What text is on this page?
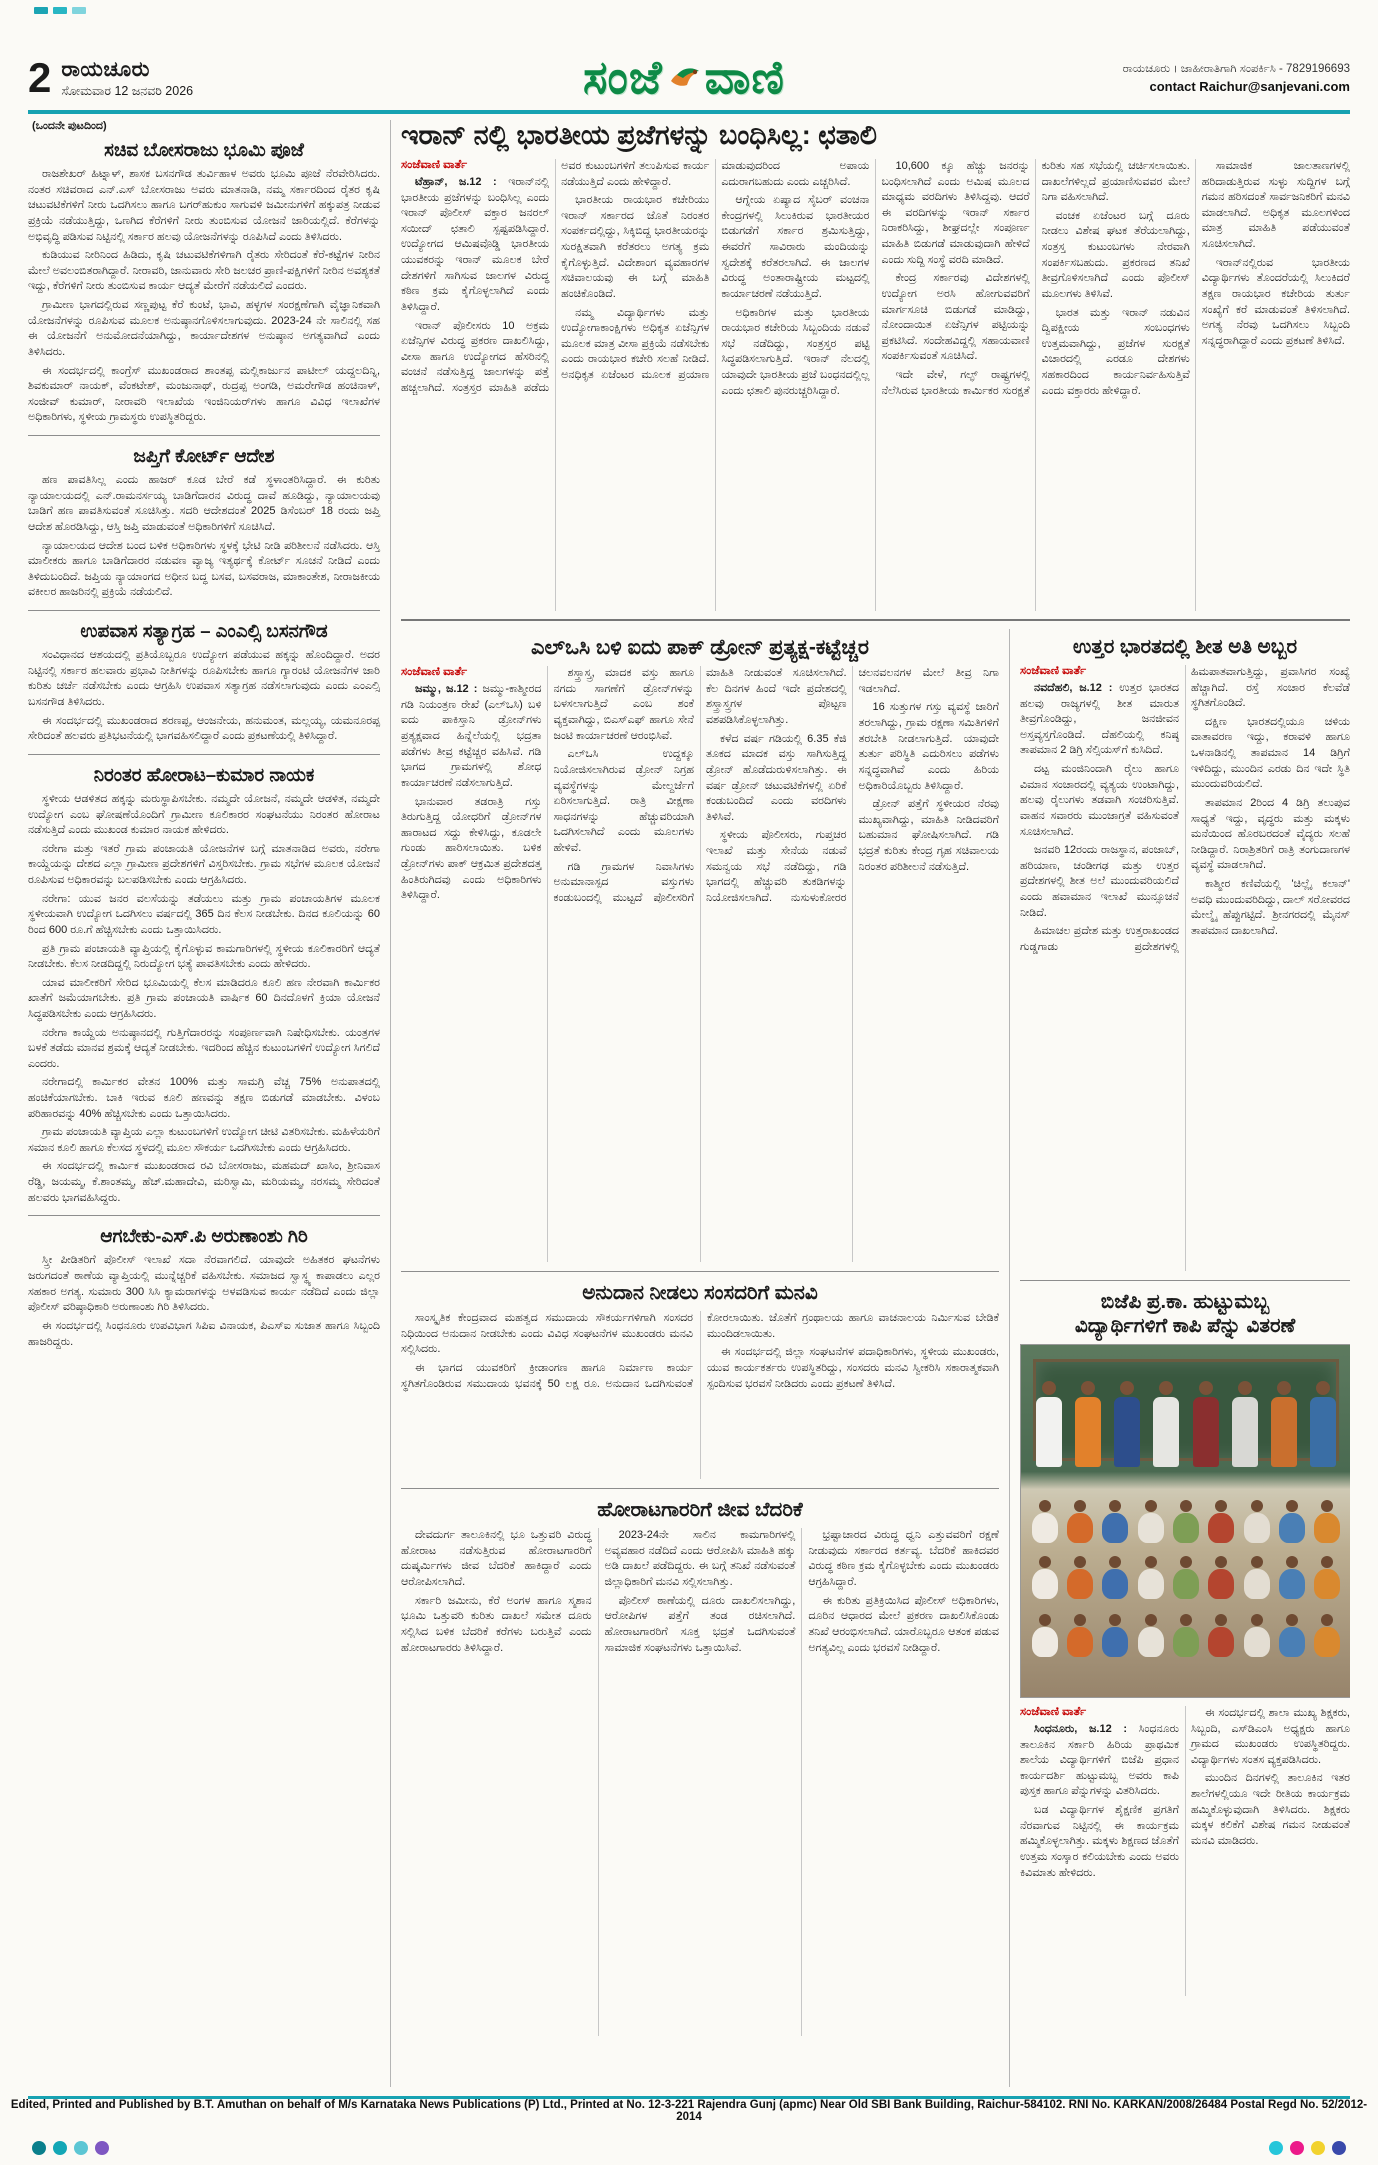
2 ರಾಯಚೂರು
ಸೋಮವಾರ 12 ಜನವರಿ 2026	ಸಂಜೆ ವಾಣಿ	ರಾಯಚೂರು । ಜಾಹೀರಾತಿಗಾಗಿ ಸಂಪರ್ಕಿಸಿ - 7829196693
contact Raichur@sanjevani.com

(ಒಂದನೇ ಪುಟದಿಂದ)

ಸಚಿವ ಬೋಸರಾಜು ಭೂಮಿ ಪೂಜೆ

ರಾಜಶೇಖರ್ ಹಿಟ್ನಾಳ್, ಶಾಸಕ ಬಸನಗೌಡ ತುರ್ವಿಹಾಳ ಅವರು ಭೂಮಿ ಪೂಜೆ ನೆರವೇರಿಸಿದರು. ನಂತರ ಸಚಿವರಾದ ಎನ್.ಎಸ್ ಬೋಸರಾಜು ಅವರು ಮಾತನಾಡಿ, ನಮ್ಮ ಸರ್ಕಾರದಿಂದ ರೈತರ ಕೃಷಿ ಚಟುವಟಿಕೆಗಳಿಗೆ ನೀರು ಒದಗಿಸಲು ಹಾಗೂ ಬಗರ್‌ಹುಕುಂ ಸಾಗುವಳಿ ಜಮೀನುಗಳಿಗೆ ಹಕ್ಕುಪತ್ರ ನೀಡುವ ಪ್ರಕ್ರಿಯೆ ನಡೆಯುತ್ತಿದ್ದು, ಒಣಗಿದ ಕೆರೆಗಳಿಗೆ ನೀರು ತುಂಬಿಸುವ ಯೋಜನೆ ಜಾರಿಯಲ್ಲಿದೆ. ಕೆರೆಗಳನ್ನು ಅಭಿವೃದ್ಧಿ ಪಡಿಸುವ ನಿಟ್ಟಿನಲ್ಲಿ ಸರ್ಕಾರ ಹಲವು ಯೋಜನೆಗಳನ್ನು ರೂಪಿಸಿದೆ ಎಂದು ತಿಳಿಸಿದರು.

ಕುಡಿಯುವ ನೀರಿನಿಂದ ಹಿಡಿದು, ಕೃಷಿ ಚಟುವಟಿಕೆಗಳಿಗಾಗಿ ರೈತರು ಸೇರಿದಂತೆ ಕೆರೆ-ಕಟ್ಟೆಗಳ ನೀರಿನ ಮೇಲೆ ಅವಲಂಬಿತರಾಗಿದ್ದಾರೆ. ನೀರಾವರಿ, ಜಾನುವಾರು ಸೇರಿ ಜಲಚರ ಪ್ರಾಣಿ-ಪಕ್ಷಿಗಳಿಗೆ ನೀರಿನ ಅವಶ್ಯಕತೆ ಇದ್ದು, ಕೆರೆಗಳಿಗೆ ನೀರು ತುಂಬಿಸುವ ಕಾರ್ಯ ಆದ್ಯತೆ ಮೇರೆಗೆ ನಡೆಯಲಿದೆ ಎಂದರು.

ಗ್ರಾಮೀಣ ಭಾಗದಲ್ಲಿರುವ ಸಣ್ಣಪುಟ್ಟ ಕೆರೆ ಕುಂಟೆ, ಭಾವಿ, ಹಳ್ಳಗಳ ಸಂರಕ್ಷಣೆಗಾಗಿ ವೈಜ್ಞಾನಿಕವಾಗಿ ಯೋಜನೆಗಳನ್ನು ರೂಪಿಸುವ ಮೂಲಕ ಅನುಷ್ಠಾನಗೊಳಿಸಲಾಗುವುದು. 2023-24 ನೇ ಸಾಲಿನಲ್ಲಿ ಸಹ ಈ ಯೋಜನೆಗೆ ಅನುಮೋದನೆಯಾಗಿದ್ದು, ಕಾರ್ಯಾದೇಶಗಳ ಅನುಷ್ಠಾನ ಅಗತ್ಯವಾಗಿದೆ ಎಂದು ತಿಳಿಸಿದರು.

ಈ ಸಂದರ್ಭದಲ್ಲಿ ಕಾಂಗ್ರೆಸ್ ಮುಖಂಡರಾದ ಶಾಂತಪ್ಪ ಮಲ್ಲಿಕಾರ್ಜುನ ಪಾಟೀಲ್ ಯದ್ದಲದಿನ್ನಿ, ಶಿವಕುಮಾರ್ ನಾಯಕ್, ವೆಂಕಟೇಶ್, ಮಂಜುನಾಥ್, ರುದ್ರಪ್ಪ ಅಂಗಡಿ, ಅಮರೇಗೌಡ ಹಂಚಿನಾಳ್, ಸಂಜೀವ್ ಕುಮಾರ್, ನೀರಾವರಿ ಇಲಾಖೆಯ ಇಂಜಿನಿಯರ್‌ಗಳು ಹಾಗೂ ವಿವಿಧ ಇಲಾಖೆಗಳ ಅಧಿಕಾರಿಗಳು, ಸ್ಥಳೀಯ ಗ್ರಾಮಸ್ಥರು ಉಪಸ್ಥಿತರಿದ್ದರು.

ಜಪ್ತಿಗೆ ಕೋರ್ಟ್ ಆದೇಶ

ಹಣ ಪಾವತಿಸಿಲ್ಲ ಎಂದು ಹಾಜರ್ ಕೂಡ ಬೇರೆ ಕಡೆ ಸ್ಥಳಾಂತರಿಸಿದ್ದಾರೆ. ಈ ಕುರಿತು ನ್ಯಾಯಾಲಯದಲ್ಲಿ ಎನ್.ರಾಮನರ್ಸಯ್ಯ ಬಾಡಿಗೆದಾರನ ವಿರುದ್ಧ ದಾವೆ ಹೂಡಿದ್ದು, ನ್ಯಾಯಾಲಯವು ಬಾಡಿಗೆ ಹಣ ಪಾವತಿಸುವಂತೆ ಸೂಚಿಸಿತ್ತು. ಸದರಿ ಆದೇಶದಂತೆ 2025 ಡಿಸೆಂಬರ್ 18 ರಂದು ಜಪ್ತಿ ಆದೇಶ ಹೊರಡಿಸಿದ್ದು, ಆಸ್ತಿ ಜಪ್ತಿ ಮಾಡುವಂತೆ ಅಧಿಕಾರಿಗಳಿಗೆ ಸೂಚಿಸಿದೆ.

ನ್ಯಾಯಾಲಯದ ಆದೇಶ ಬಂದ ಬಳಿಕ ಅಧಿಕಾರಿಗಳು ಸ್ಥಳಕ್ಕೆ ಭೇಟಿ ನೀಡಿ ಪರಿಶೀಲನೆ ನಡೆಸಿದರು. ಆಸ್ತಿ ಮಾಲೀಕರು ಹಾಗೂ ಬಾಡಿಗೆದಾರರ ನಡುವಣ ವ್ಯಾಜ್ಯ ಇತ್ಯರ್ಥಕ್ಕೆ ಕೋರ್ಟ್ ಸೂಚನೆ ನೀಡಿದೆ ಎಂದು ತಿಳಿದುಬಂದಿದೆ. ಜಪ್ತಿಯ ನ್ಯಾಯಾಂಗದ ಅಧೀನ ಬದ್ಧ ಬಸವ, ಬಸವರಾಜ, ಮಾಕಾಂತೇಶ, ನೀರಾಜಕೀಯ ವಕೀಲರ ಹಾಜರಿನಲ್ಲಿ ಪ್ರಕ್ರಿಯೆ ನಡೆಯಲಿದೆ.

ಉಪವಾಸ ಸತ್ಯಾಗ್ರಹ – ಎಂಎಲ್ಸಿ ಬಸನಗೌಡ

ಸಂವಿಧಾನದ ಆಶಯದಲ್ಲಿ ಪ್ರತಿಯೊಬ್ಬರೂ ಉದ್ಯೋಗ ಪಡೆಯುವ ಹಕ್ಕನ್ನು ಹೊಂದಿದ್ದಾರೆ. ಅದರ ನಿಟ್ಟಿನಲ್ಲಿ ಸರ್ಕಾರ ಹಲವಾರು ಪ್ರಭಾವಿ ನೀತಿಗಳನ್ನು ರೂಪಿಸಬೇಕು ಹಾಗೂ ಗ್ಯಾರಂಟಿ ಯೋಜನೆಗಳ ಜಾರಿ ಕುರಿತು ಚರ್ಚೆ ನಡೆಸಬೇಕು ಎಂದು ಆಗ್ರಹಿಸಿ ಉಪವಾಸ ಸತ್ಯಾಗ್ರಹ ನಡೆಸಲಾಗುವುದು ಎಂದು ಎಂಎಲ್ಸಿ ಬಸನಗೌಡ ತಿಳಿಸಿದರು.

ಈ ಸಂದರ್ಭದಲ್ಲಿ ಮುಖಂಡರಾದ ಶರಣಪ್ಪ, ಆಂಜನೇಯ, ಹನುಮಂತ, ಮಲ್ಲಯ್ಯ, ಯಮನೂರಪ್ಪ ಸೇರಿದಂತೆ ಹಲವರು ಪ್ರತಿಭಟನೆಯಲ್ಲಿ ಭಾಗವಹಿಸಲಿದ್ದಾರೆ ಎಂದು ಪ್ರಕಟಣೆಯಲ್ಲಿ ತಿಳಿಸಿದ್ದಾರೆ.

ನಿರಂತರ ಹೋರಾಟ–ಕುಮಾರ ನಾಯಕ

ಸ್ಥಳೀಯ ಆಡಳಿತದ ಹಕ್ಕನ್ನು ಮರುಸ್ಥಾಪಿಸಬೇಕು. ನಮ್ಮದೇ ಯೋಜನೆ, ನಮ್ಮದೇ ಆಡಳಿತ, ನಮ್ಮದೇ ಉದ್ಯೋಗ ಎಂಬ ಘೋಷಣೆಯೊಂದಿಗೆ ಗ್ರಾಮೀಣ ಕೂಲಿಕಾರರ ಸಂಘಟನೆಯು ನಿರಂತರ ಹೋರಾಟ ನಡೆಸುತ್ತಿದೆ ಎಂದು ಮುಖಂಡ ಕುಮಾರ ನಾಯಕ ಹೇಳಿದರು.

ನರೇಗಾ ಮತ್ತು ಇತರೆ ಗ್ರಾಮ ಪಂಚಾಯತಿ ಯೋಜನೆಗಳ ಬಗ್ಗೆ ಮಾತನಾಡಿದ ಅವರು, ನರೇಗಾ ಕಾಯ್ದೆಯನ್ನು ದೇಶದ ಎಲ್ಲಾ ಗ್ರಾಮೀಣ ಪ್ರದೇಶಗಳಿಗೆ ವಿಸ್ತರಿಸಬೇಕು. ಗ್ರಾಮ ಸಭೆಗಳ ಮೂಲಕ ಯೋಜನೆ ರೂಪಿಸುವ ಅಧಿಕಾರವನ್ನು ಬಲಪಡಿಸಬೇಕು ಎಂದು ಆಗ್ರಹಿಸಿದರು.

ನರೇಗಾ: ಯುವ ಜನರ ವಲಸೆಯನ್ನು ತಡೆಯಲು ಮತ್ತು ಗ್ರಾಮ ಪಂಚಾಯತಿಗಳ ಮೂಲಕ ಸ್ಥಳೀಯವಾಗಿ ಉದ್ಯೋಗ ಒದಗಿಸಲು ವರ್ಷದಲ್ಲಿ 365 ದಿನ ಕೆಲಸ ನೀಡಬೇಕು. ದಿನದ ಕೂಲಿಯನ್ನು 60 ರಿಂದ 600 ರೂ.ಗೆ ಹೆಚ್ಚಿಸಬೇಕು ಎಂದು ಒತ್ತಾಯಿಸಿದರು.

ಪ್ರತಿ ಗ್ರಾಮ ಪಂಚಾಯತಿ ವ್ಯಾಪ್ತಿಯಲ್ಲಿ ಕೈಗೊಳ್ಳುವ ಕಾಮಗಾರಿಗಳಲ್ಲಿ ಸ್ಥಳೀಯ ಕೂಲಿಕಾರರಿಗೆ ಆದ್ಯತೆ ನೀಡಬೇಕು. ಕೆಲಸ ನೀಡದಿದ್ದಲ್ಲಿ ನಿರುದ್ಯೋಗ ಭತ್ಯೆ ಪಾವತಿಸಬೇಕು ಎಂದು ಹೇಳಿದರು.

ಯಾವ ಮಾಲೀಕರಿಗೆ ಸೇರಿದ ಭೂಮಿಯಲ್ಲಿ ಕೆಲಸ ಮಾಡಿದರೂ ಕೂಲಿ ಹಣ ನೇರವಾಗಿ ಕಾರ್ಮಿಕರ ಖಾತೆಗೆ ಜಮೆಯಾಗಬೇಕು. ಪ್ರತಿ ಗ್ರಾಮ ಪಂಚಾಯತಿ ವಾರ್ಷಿಕ 60 ದಿನದೊಳಗೆ ಕ್ರಿಯಾ ಯೋಜನೆ ಸಿದ್ಧಪಡಿಸಬೇಕು ಎಂದು ಆಗ್ರಹಿಸಿದರು.

ನರೇಗಾ ಕಾಯ್ದೆಯ ಅನುಷ್ಠಾನದಲ್ಲಿ ಗುತ್ತಿಗೆದಾರರನ್ನು ಸಂಪೂರ್ಣವಾಗಿ ನಿಷೇಧಿಸಬೇಕು. ಯಂತ್ರಗಳ ಬಳಕೆ ತಡೆದು ಮಾನವ ಶ್ರಮಕ್ಕೆ ಆದ್ಯತೆ ನೀಡಬೇಕು. ಇದರಿಂದ ಹೆಚ್ಚಿನ ಕುಟುಂಬಗಳಿಗೆ ಉದ್ಯೋಗ ಸಿಗಲಿದೆ ಎಂದರು.

ನರೇಗಾದಲ್ಲಿ ಕಾರ್ಮಿಕರ ವೇತನ 100% ಮತ್ತು ಸಾಮಗ್ರಿ ವೆಚ್ಚ 75% ಅನುಪಾತದಲ್ಲಿ ಹಂಚಿಕೆಯಾಗಬೇಕು. ಬಾಕಿ ಇರುವ ಕೂಲಿ ಹಣವನ್ನು ತಕ್ಷಣ ಬಿಡುಗಡೆ ಮಾಡಬೇಕು. ವಿಳಂಬ ಪರಿಹಾರವನ್ನು 40% ಹೆಚ್ಚಿಸಬೇಕು ಎಂದು ಒತ್ತಾಯಿಸಿದರು.

ಗ್ರಾಮ ಪಂಚಾಯತಿ ವ್ಯಾಪ್ತಿಯ ಎಲ್ಲಾ ಕುಟುಂಬಗಳಿಗೆ ಉದ್ಯೋಗ ಚೀಟಿ ವಿತರಿಸಬೇಕು. ಮಹಿಳೆಯರಿಗೆ ಸಮಾನ ಕೂಲಿ ಹಾಗೂ ಕೆಲಸದ ಸ್ಥಳದಲ್ಲಿ ಮೂಲ ಸೌಕರ್ಯ ಒದಗಿಸಬೇಕು ಎಂದು ಆಗ್ರಹಿಸಿದರು.

ಈ ಸಂದರ್ಭದಲ್ಲಿ ಕಾರ್ಮಿಕ ಮುಖಂಡರಾದ ರವಿ ಬೋಸರಾಜು, ಮಹಮದ್ ಖಾಸಿಂ, ಶ್ರೀನಿವಾಸ ರೆಡ್ಡಿ, ಜಯಮ್ಮ, ಕೆ.ಶಾಂತಮ್ಮ, ಹೆಚ್.ಮಹಾದೇವಿ, ಮರಿಸ್ವಾಮಿ, ಮರಿಯಮ್ಮ, ನರಸಮ್ಮ ಸೇರಿದಂತೆ ಹಲವರು ಭಾಗವಹಿಸಿದ್ದರು.

ಆಗಬೇಕು-ಎಸ್.ಪಿ ಅರುಣಾಂಶು ಗಿರಿ

ಸ್ತ್ರೀ ಪೀಡಿತರಿಗೆ ಪೊಲೀಸ್ ಇಲಾಖೆ ಸದಾ ನೆರವಾಗಲಿದೆ. ಯಾವುದೇ ಅಹಿತಕರ ಘಟನೆಗಳು ಜರುಗದಂತೆ ಠಾಣೆಯ ವ್ಯಾಪ್ತಿಯಲ್ಲಿ ಮುನ್ನೆಚ್ಚರಿಕೆ ವಹಿಸಬೇಕು. ಸಮಾಜದ ಸ್ವಾಸ್ಥ್ಯ ಕಾಪಾಡಲು ಎಲ್ಲರ ಸಹಕಾರ ಅಗತ್ಯ. ಸುಮಾರು 300 ಸಿಸಿ ಕ್ಯಾಮರಾಗಳನ್ನು ಅಳವಡಿಸುವ ಕಾರ್ಯ ನಡೆದಿದೆ ಎಂದು ಜಿಲ್ಲಾ ಪೊಲೀಸ್ ವರಿಷ್ಠಾಧಿಕಾರಿ ಅರುಣಾಂಶು ಗಿರಿ ತಿಳಿಸಿದರು.

ಈ ಸಂದರ್ಭದಲ್ಲಿ ಸಿಂಧನೂರು ಉಪವಿಭಾಗ ಸಿಪಿಐ ವಿನಾಯಕ, ಪಿಎಸ್ಐ ಸುಜಾತ ಹಾಗೂ ಸಿಬ್ಬಂದಿ ಹಾಜರಿದ್ದರು.

ಇರಾನ್ ನಲ್ಲಿ ಭಾರತೀಯ ಪ್ರಜೆಗಳನ್ನು ಬಂಧಿಸಿಲ್ಲ: ಛತಾಲಿ

ಸಂಜೆವಾಣಿ ವಾರ್ತೆ

ಟೆಹ್ರಾನ್, ಜ.12 : ಇರಾನ್‌ನಲ್ಲಿ ಭಾರತೀಯ ಪ್ರಜೆಗಳನ್ನು ಬಂಧಿಸಿಲ್ಲ ಎಂದು ಇರಾನ್ ಪೊಲೀಸ್ ವಕ್ತಾರ ಜನರಲ್ ಸಯೀದ್ ಛತಾಲಿ ಸ್ಪಷ್ಟಪಡಿಸಿದ್ದಾರೆ. ಉದ್ಯೋಗದ ಆಮಿಷವೊಡ್ಡಿ ಭಾರತೀಯ ಯುವಕರನ್ನು ಇರಾನ್ ಮೂಲಕ ಬೇರೆ ದೇಶಗಳಿಗೆ ಸಾಗಿಸುವ ಜಾಲಗಳ ವಿರುದ್ಧ ಕಠಿಣ ಕ್ರಮ ಕೈಗೊಳ್ಳಲಾಗಿದೆ ಎಂದು ತಿಳಿಸಿದ್ದಾರೆ.

ಇರಾನ್ ಪೊಲೀಸರು 10 ಅಕ್ರಮ ಏಜೆನ್ಸಿಗಳ ವಿರುದ್ಧ ಪ್ರಕರಣ ದಾಖಲಿಸಿದ್ದು, ವೀಸಾ ಹಾಗೂ ಉದ್ಯೋಗದ ಹೆಸರಿನಲ್ಲಿ ವಂಚನೆ ನಡೆಸುತ್ತಿದ್ದ ಜಾಲಗಳನ್ನು ಪತ್ತೆ ಹಚ್ಚಲಾಗಿದೆ. ಸಂತ್ರಸ್ತರ ಮಾಹಿತಿ ಪಡೆದು ಅವರ ಕುಟುಂಬಗಳಿಗೆ ತಲುಪಿಸುವ ಕಾರ್ಯ ನಡೆಯುತ್ತಿದೆ ಎಂದು ಹೇಳಿದ್ದಾರೆ.

ಭಾರತೀಯ ರಾಯಭಾರ ಕಚೇರಿಯು ಇರಾನ್ ಸರ್ಕಾರದ ಜೊತೆ ನಿರಂತರ ಸಂಪರ್ಕದಲ್ಲಿದ್ದು, ಸಿಕ್ಕಿಬಿದ್ದ ಭಾರತೀಯರನ್ನು ಸುರಕ್ಷಿತವಾಗಿ ಕರೆತರಲು ಅಗತ್ಯ ಕ್ರಮ ಕೈಗೊಳ್ಳುತ್ತಿದೆ. ವಿದೇಶಾಂಗ ವ್ಯವಹಾರಗಳ ಸಚಿವಾಲಯವು ಈ ಬಗ್ಗೆ ಮಾಹಿತಿ ಹಂಚಿಕೊಂಡಿದೆ.

ನಮ್ಮ ವಿದ್ಯಾರ್ಥಿಗಳು ಮತ್ತು ಉದ್ಯೋಗಾಕಾಂಕ್ಷಿಗಳು ಅಧಿಕೃತ ಏಜೆನ್ಸಿಗಳ ಮೂಲಕ ಮಾತ್ರ ವೀಸಾ ಪ್ರಕ್ರಿಯೆ ನಡೆಸಬೇಕು ಎಂದು ರಾಯಭಾರ ಕಚೇರಿ ಸಲಹೆ ನೀಡಿದೆ. ಅನಧಿಕೃತ ಏಜೆಂಟರ ಮೂಲಕ ಪ್ರಯಾಣ ಮಾಡುವುದರಿಂದ ಅಪಾಯ ಎದುರಾಗಬಹುದು ಎಂದು ಎಚ್ಚರಿಸಿದೆ.

ಆಗ್ನೇಯ ಏಷ್ಯಾದ ಸೈಬರ್ ವಂಚನಾ ಕೇಂದ್ರಗಳಲ್ಲಿ ಸಿಲುಕಿರುವ ಭಾರತೀಯರ ಬಿಡುಗಡೆಗೆ ಸರ್ಕಾರ ಶ್ರಮಿಸುತ್ತಿದ್ದು, ಈವರೆಗೆ ಸಾವಿರಾರು ಮಂದಿಯನ್ನು ಸ್ವದೇಶಕ್ಕೆ ಕರೆತರಲಾಗಿದೆ. ಈ ಜಾಲಗಳ ವಿರುದ್ಧ ಅಂತಾರಾಷ್ಟ್ರೀಯ ಮಟ್ಟದಲ್ಲಿ ಕಾರ್ಯಾಚರಣೆ ನಡೆಯುತ್ತಿದೆ.

ಅಧಿಕಾರಿಗಳ ಮತ್ತು ಭಾರತೀಯ ರಾಯಭಾರ ಕಚೇರಿಯ ಸಿಬ್ಬಂದಿಯ ನಡುವೆ ಸಭೆ ನಡೆದಿದ್ದು, ಸಂತ್ರಸ್ತರ ಪಟ್ಟಿ ಸಿದ್ಧಪಡಿಸಲಾಗುತ್ತಿದೆ. ಇರಾನ್ ನೆಲದಲ್ಲಿ ಯಾವುದೇ ಭಾರತೀಯ ಪ್ರಜೆ ಬಂಧನದಲ್ಲಿಲ್ಲ ಎಂದು ಛತಾಲಿ ಪುನರುಚ್ಚರಿಸಿದ್ದಾರೆ.

10,600 ಕ್ಕೂ ಹೆಚ್ಚು ಜನರನ್ನು ಬಂಧಿಸಲಾಗಿದೆ ಎಂದು ಅಮಿಷ ಮೂಲದ ಮಾಧ್ಯಮ ವರದಿಗಳು ತಿಳಿಸಿದ್ದವು. ಆದರೆ ಈ ವರದಿಗಳನ್ನು ಇರಾನ್ ಸರ್ಕಾರ ನಿರಾಕರಿಸಿದ್ದು, ಶೀಘ್ರದಲ್ಲೇ ಸಂಪೂರ್ಣ ಮಾಹಿತಿ ಬಿಡುಗಡೆ ಮಾಡುವುದಾಗಿ ಹೇಳಿದೆ ಎಂದು ಸುದ್ದಿ ಸಂಸ್ಥೆ ವರದಿ ಮಾಡಿದೆ.

ಕೇಂದ್ರ ಸರ್ಕಾರವು ವಿದೇಶಗಳಲ್ಲಿ ಉದ್ಯೋಗ ಅರಸಿ ಹೋಗುವವರಿಗೆ ಮಾರ್ಗಸೂಚಿ ಬಿಡುಗಡೆ ಮಾಡಿದ್ದು, ನೋಂದಾಯಿತ ಏಜೆನ್ಸಿಗಳ ಪಟ್ಟಿಯನ್ನು ಪ್ರಕಟಿಸಿದೆ. ಸಂದೇಹವಿದ್ದಲ್ಲಿ ಸಹಾಯವಾಣಿ ಸಂಪರ್ಕಿಸುವಂತೆ ಸೂಚಿಸಿದೆ.

ಇದೇ ವೇಳೆ, ಗಲ್ಫ್ ರಾಷ್ಟ್ರಗಳಲ್ಲಿ ನೆಲೆಸಿರುವ ಭಾರತೀಯ ಕಾರ್ಮಿಕರ ಸುರಕ್ಷತೆ ಕುರಿತು ಸಹ ಸಭೆಯಲ್ಲಿ ಚರ್ಚಿಸಲಾಯಿತು. ದಾಖಲೆಗಳಿಲ್ಲದೆ ಪ್ರಯಾಣಿಸುವವರ ಮೇಲೆ ನಿಗಾ ವಹಿಸಲಾಗಿದೆ.

ವಂಚಕ ಏಜೆಂಟರ ಬಗ್ಗೆ ದೂರು ನೀಡಲು ವಿಶೇಷ ಘಟಕ ತೆರೆಯಲಾಗಿದ್ದು, ಸಂತ್ರಸ್ತ ಕುಟುಂಬಗಳು ನೇರವಾಗಿ ಸಂಪರ್ಕಿಸಬಹುದು. ಪ್ರಕರಣದ ತನಿಖೆ ತೀವ್ರಗೊಳಿಸಲಾಗಿದೆ ಎಂದು ಪೊಲೀಸ್ ಮೂಲಗಳು ತಿಳಿಸಿವೆ.

ಭಾರತ ಮತ್ತು ಇರಾನ್ ನಡುವಿನ ದ್ವಿಪಕ್ಷೀಯ ಸಂಬಂಧಗಳು ಉತ್ತಮವಾಗಿದ್ದು, ಪ್ರಜೆಗಳ ಸುರಕ್ಷತೆ ವಿಚಾರದಲ್ಲಿ ಎರಡೂ ದೇಶಗಳು ಸಹಕಾರದಿಂದ ಕಾರ್ಯನಿರ್ವಹಿಸುತ್ತಿವೆ ಎಂದು ವಕ್ತಾರರು ಹೇಳಿದ್ದಾರೆ.

ಸಾಮಾಜಿಕ ಜಾಲತಾಣಗಳಲ್ಲಿ ಹರಿದಾಡುತ್ತಿರುವ ಸುಳ್ಳು ಸುದ್ದಿಗಳ ಬಗ್ಗೆ ಗಮನ ಹರಿಸದಂತೆ ಸಾರ್ವಜನಿಕರಿಗೆ ಮನವಿ ಮಾಡಲಾಗಿದೆ. ಅಧಿಕೃತ ಮೂಲಗಳಿಂದ ಮಾತ್ರ ಮಾಹಿತಿ ಪಡೆಯುವಂತೆ ಸೂಚಿಸಲಾಗಿದೆ.

ಇರಾನ್‌ನಲ್ಲಿರುವ ಭಾರತೀಯ ವಿದ್ಯಾರ್ಥಿಗಳು ತೊಂದರೆಯಲ್ಲಿ ಸಿಲುಕಿದರೆ ತಕ್ಷಣ ರಾಯಭಾರ ಕಚೇರಿಯ ತುರ್ತು ಸಂಖ್ಯೆಗೆ ಕರೆ ಮಾಡುವಂತೆ ತಿಳಿಸಲಾಗಿದೆ. ಅಗತ್ಯ ನೆರವು ಒದಗಿಸಲು ಸಿಬ್ಬಂದಿ ಸನ್ನದ್ಧರಾಗಿದ್ದಾರೆ ಎಂದು ಪ್ರಕಟಣೆ ತಿಳಿಸಿದೆ.

ಎಲ್ಒಸಿ ಬಳಿ ಐದು ಪಾಕ್ ಡ್ರೋನ್ ಪ್ರತ್ಯಕ್ಷ-ಕಟ್ಟೆಚ್ಚರ

ಸಂಜೆವಾಣಿ ವಾರ್ತೆ

ಜಮ್ಮು, ಜ.12 : ಜಮ್ಮು-ಕಾಶ್ಮೀರದ ಗಡಿ ನಿಯಂತ್ರಣ ರೇಖೆ (ಎಲ್‌ಒಸಿ) ಬಳಿ ಐದು ಪಾಕಿಸ್ತಾನಿ ಡ್ರೋನ್‌ಗಳು ಪ್ರತ್ಯಕ್ಷವಾದ ಹಿನ್ನೆಲೆಯಲ್ಲಿ ಭದ್ರತಾ ಪಡೆಗಳು ತೀವ್ರ ಕಟ್ಟೆಚ್ಚರ ವಹಿಸಿವೆ. ಗಡಿ ಭಾಗದ ಗ್ರಾಮಗಳಲ್ಲಿ ಶೋಧ ಕಾರ್ಯಾಚರಣೆ ನಡೆಸಲಾಗುತ್ತಿದೆ.

ಭಾನುವಾರ ತಡರಾತ್ರಿ ಗಸ್ತು ತಿರುಗುತ್ತಿದ್ದ ಯೋಧರಿಗೆ ಡ್ರೋನ್‌ಗಳ ಹಾರಾಟದ ಸದ್ದು ಕೇಳಿಸಿದ್ದು, ಕೂಡಲೇ ಗುಂಡು ಹಾರಿಸಲಾಯಿತು. ಬಳಿಕ ಡ್ರೋನ್‌ಗಳು ಪಾಕ್ ಆಕ್ರಮಿತ ಪ್ರದೇಶದತ್ತ ಹಿಂತಿರುಗಿದವು ಎಂದು ಅಧಿಕಾರಿಗಳು ತಿಳಿಸಿದ್ದಾರೆ.

ಶಸ್ತ್ರಾಸ್ತ್ರ, ಮಾದಕ ವಸ್ತು ಹಾಗೂ ನಗದು ಸಾಗಣೆಗೆ ಡ್ರೋನ್‌ಗಳನ್ನು ಬಳಸಲಾಗುತ್ತಿದೆ ಎಂಬ ಶಂಕೆ ವ್ಯಕ್ತವಾಗಿದ್ದು, ಬಿಎಸ್‌ಎಫ್ ಹಾಗೂ ಸೇನೆ ಜಂಟಿ ಕಾರ್ಯಾಚರಣೆ ಆರಂಭಿಸಿವೆ.

ಎಲ್‌ಒಸಿ ಉದ್ದಕ್ಕೂ ನಿಯೋಜಿಸಲಾಗಿರುವ ಡ್ರೋನ್ ನಿಗ್ರಹ ವ್ಯವಸ್ಥೆಗಳನ್ನು ಮೇಲ್ದರ್ಜೆಗೆ ಏರಿಸಲಾಗುತ್ತಿದೆ. ರಾತ್ರಿ ವೀಕ್ಷಣಾ ಸಾಧನಗಳನ್ನು ಹೆಚ್ಚುವರಿಯಾಗಿ ಒದಗಿಸಲಾಗಿದೆ ಎಂದು ಮೂಲಗಳು ಹೇಳಿವೆ.

ಗಡಿ ಗ್ರಾಮಗಳ ನಿವಾಸಿಗಳು ಅನುಮಾನಾಸ್ಪದ ವಸ್ತುಗಳು ಕಂಡುಬಂದಲ್ಲಿ ಮುಟ್ಟದೆ ಪೊಲೀಸರಿಗೆ ಮಾಹಿತಿ ನೀಡುವಂತೆ ಸೂಚಿಸಲಾಗಿದೆ. ಕೆಲ ದಿನಗಳ ಹಿಂದೆ ಇದೇ ಪ್ರದೇಶದಲ್ಲಿ ಶಸ್ತ್ರಾಸ್ತ್ರಗಳ ಪೊಟ್ಟಣ ವಶಪಡಿಸಿಕೊಳ್ಳಲಾಗಿತ್ತು.

ಕಳೆದ ವರ್ಷ ಗಡಿಯಲ್ಲಿ 6.35 ಕೆಜಿ ತೂಕದ ಮಾದಕ ವಸ್ತು ಸಾಗಿಸುತ್ತಿದ್ದ ಡ್ರೋನ್ ಹೊಡೆದುರುಳಿಸಲಾಗಿತ್ತು. ಈ ವರ್ಷ ಡ್ರೋನ್ ಚಟುವಟಿಕೆಗಳಲ್ಲಿ ಏರಿಕೆ ಕಂಡುಬಂದಿದೆ ಎಂದು ವರದಿಗಳು ತಿಳಿಸಿವೆ.

ಸ್ಥಳೀಯ ಪೊಲೀಸರು, ಗುಪ್ತಚರ ಇಲಾಖೆ ಮತ್ತು ಸೇನೆಯ ನಡುವೆ ಸಮನ್ವಯ ಸಭೆ ನಡೆದಿದ್ದು, ಗಡಿ ಭಾಗದಲ್ಲಿ ಹೆಚ್ಚುವರಿ ತುಕಡಿಗಳನ್ನು ನಿಯೋಜಿಸಲಾಗಿದೆ. ನುಸುಳುಕೋರರ ಚಲನವಲನಗಳ ಮೇಲೆ ತೀವ್ರ ನಿಗಾ ಇಡಲಾಗಿದೆ.

16 ಸುತ್ತುಗಳ ಗಸ್ತು ವ್ಯವಸ್ಥೆ ಜಾರಿಗೆ ತರಲಾಗಿದ್ದು, ಗ್ರಾಮ ರಕ್ಷಣಾ ಸಮಿತಿಗಳಿಗೆ ತರಬೇತಿ ನೀಡಲಾಗುತ್ತಿದೆ. ಯಾವುದೇ ತುರ್ತು ಪರಿಸ್ಥಿತಿ ಎದುರಿಸಲು ಪಡೆಗಳು ಸನ್ನದ್ಧವಾಗಿವೆ ಎಂದು ಹಿರಿಯ ಅಧಿಕಾರಿಯೊಬ್ಬರು ತಿಳಿಸಿದ್ದಾರೆ.

ಡ್ರೋನ್ ಪತ್ತೆಗೆ ಸ್ಥಳೀಯರ ನೆರವು ಮುಖ್ಯವಾಗಿದ್ದು, ಮಾಹಿತಿ ನೀಡಿದವರಿಗೆ ಬಹುಮಾನ ಘೋಷಿಸಲಾಗಿದೆ. ಗಡಿ ಭದ್ರತೆ ಕುರಿತು ಕೇಂದ್ರ ಗೃಹ ಸಚಿವಾಲಯ ನಿರಂತರ ಪರಿಶೀಲನೆ ನಡೆಸುತ್ತಿದೆ.

ಅನುದಾನ ನೀಡಲು ಸಂಸದರಿಗೆ ಮನವಿ

ಸಾಂಸ್ಕೃತಿಕ ಕೇಂದ್ರವಾದ ಮಹತ್ವದ ಸಮುದಾಯ ಸೌಕರ್ಯಗಳಿಗಾಗಿ ಸಂಸದರ ನಿಧಿಯಿಂದ ಅನುದಾನ ನೀಡಬೇಕು ಎಂದು ವಿವಿಧ ಸಂಘಟನೆಗಳ ಮುಖಂಡರು ಮನವಿ ಸಲ್ಲಿಸಿದರು.

ಈ ಭಾಗದ ಯುವಕರಿಗೆ ಕ್ರೀಡಾಂಗಣ ಹಾಗೂ ನಿರ್ಮಾಣ ಕಾರ್ಯ ಸ್ಥಗಿತಗೊಂಡಿರುವ ಸಮುದಾಯ ಭವನಕ್ಕೆ 50 ಲಕ್ಷ ರೂ. ಅನುದಾನ ಒದಗಿಸುವಂತೆ ಕೋರಲಾಯಿತು. ಜೊತೆಗೆ ಗ್ರಂಥಾಲಯ ಹಾಗೂ ವಾಚನಾಲಯ ನಿರ್ಮಿಸುವ ಬೇಡಿಕೆ ಮುಂದಿಡಲಾಯಿತು.

ಈ ಸಂದರ್ಭದಲ್ಲಿ ಜಿಲ್ಲಾ ಸಂಘಟನೆಗಳ ಪದಾಧಿಕಾರಿಗಳು, ಸ್ಥಳೀಯ ಮುಖಂಡರು, ಯುವ ಕಾರ್ಯಕರ್ತರು ಉಪಸ್ಥಿತರಿದ್ದು, ಸಂಸದರು ಮನವಿ ಸ್ವೀಕರಿಸಿ ಸಕಾರಾತ್ಮಕವಾಗಿ ಸ್ಪಂದಿಸುವ ಭರವಸೆ ನೀಡಿದರು ಎಂದು ಪ್ರಕಟಣೆ ತಿಳಿಸಿದೆ.

ಹೋರಾಟಗಾರರಿಗೆ ಜೀವ ಬೆದರಿಕೆ

ದೇವದುರ್ಗ ತಾಲೂಕಿನಲ್ಲಿ ಭೂ ಒತ್ತುವರಿ ವಿರುದ್ಧ ಹೋರಾಟ ನಡೆಸುತ್ತಿರುವ ಹೋರಾಟಗಾರರಿಗೆ ದುಷ್ಕರ್ಮಿಗಳು ಜೀವ ಬೆದರಿಕೆ ಹಾಕಿದ್ದಾರೆ ಎಂದು ಆರೋಪಿಸಲಾಗಿದೆ.

ಸರ್ಕಾರಿ ಜಮೀನು, ಕೆರೆ ಅಂಗಳ ಹಾಗೂ ಸ್ಮಶಾನ ಭೂಮಿ ಒತ್ತುವರಿ ಕುರಿತು ದಾಖಲೆ ಸಮೇತ ದೂರು ಸಲ್ಲಿಸಿದ ಬಳಿಕ ಬೆದರಿಕೆ ಕರೆಗಳು ಬರುತ್ತಿವೆ ಎಂದು ಹೋರಾಟಗಾರರು ತಿಳಿಸಿದ್ದಾರೆ.

2023-24ನೇ ಸಾಲಿನ ಕಾಮಗಾರಿಗಳಲ್ಲಿ ಅವ್ಯವಹಾರ ನಡೆದಿದೆ ಎಂದು ಆರೋಪಿಸಿ ಮಾಹಿತಿ ಹಕ್ಕು ಅಡಿ ದಾಖಲೆ ಪಡೆದಿದ್ದರು. ಈ ಬಗ್ಗೆ ತನಿಖೆ ನಡೆಸುವಂತೆ ಜಿಲ್ಲಾಧಿಕಾರಿಗೆ ಮನವಿ ಸಲ್ಲಿಸಲಾಗಿತ್ತು.

ಪೊಲೀಸ್ ಠಾಣೆಯಲ್ಲಿ ದೂರು ದಾಖಲಿಸಲಾಗಿದ್ದು, ಆರೋಪಿಗಳ ಪತ್ತೆಗೆ ತಂಡ ರಚಿಸಲಾಗಿದೆ. ಹೋರಾಟಗಾರರಿಗೆ ಸೂಕ್ತ ಭದ್ರತೆ ಒದಗಿಸುವಂತೆ ಸಾಮಾಜಿಕ ಸಂಘಟನೆಗಳು ಒತ್ತಾಯಿಸಿವೆ.

ಭ್ರಷ್ಟಾಚಾರದ ವಿರುದ್ಧ ಧ್ವನಿ ಎತ್ತುವವರಿಗೆ ರಕ್ಷಣೆ ನೀಡುವುದು ಸರ್ಕಾರದ ಕರ್ತವ್ಯ. ಬೆದರಿಕೆ ಹಾಕಿದವರ ವಿರುದ್ಧ ಕಠಿಣ ಕ್ರಮ ಕೈಗೊಳ್ಳಬೇಕು ಎಂದು ಮುಖಂಡರು ಆಗ್ರಹಿಸಿದ್ದಾರೆ.

ಈ ಕುರಿತು ಪ್ರತಿಕ್ರಿಯಿಸಿದ ಪೊಲೀಸ್ ಅಧಿಕಾರಿಗಳು, ದೂರಿನ ಆಧಾರದ ಮೇಲೆ ಪ್ರಕರಣ ದಾಖಲಿಸಿಕೊಂಡು ತನಿಖೆ ಆರಂಭಿಸಲಾಗಿದೆ. ಯಾರೊಬ್ಬರೂ ಆತಂಕ ಪಡುವ ಅಗತ್ಯವಿಲ್ಲ ಎಂದು ಭರವಸೆ ನೀಡಿದ್ದಾರೆ.

ಉತ್ತರ ಭಾರತದಲ್ಲಿ ಶೀತ ಅತಿ ಅಬ್ಬರ

ಸಂಜೆವಾಣಿ ವಾರ್ತೆ

ನವದೆಹಲಿ, ಜ.12 : ಉತ್ತರ ಭಾರತದ ಹಲವು ರಾಜ್ಯಗಳಲ್ಲಿ ಶೀತ ಮಾರುತ ತೀವ್ರಗೊಂಡಿದ್ದು, ಜನಜೀವನ ಅಸ್ತವ್ಯಸ್ತಗೊಂಡಿದೆ. ದೆಹಲಿಯಲ್ಲಿ ಕನಿಷ್ಠ ತಾಪಮಾನ 2 ಡಿಗ್ರಿ ಸೆಲ್ಸಿಯಸ್‌ಗೆ ಕುಸಿದಿದೆ.

ದಟ್ಟ ಮಂಜಿನಿಂದಾಗಿ ರೈಲು ಹಾಗೂ ವಿಮಾನ ಸಂಚಾರದಲ್ಲಿ ವ್ಯತ್ಯಯ ಉಂಟಾಗಿದ್ದು, ಹಲವು ರೈಲುಗಳು ತಡವಾಗಿ ಸಂಚರಿಸುತ್ತಿವೆ. ವಾಹನ ಸವಾರರು ಮುಂಜಾಗ್ರತೆ ವಹಿಸುವಂತೆ ಸೂಚಿಸಲಾಗಿದೆ.

ಜನವರಿ 12ರಂದು ರಾಜಸ್ಥಾನ, ಪಂಜಾಬ್, ಹರಿಯಾಣ, ಚಂಡೀಗಢ ಮತ್ತು ಉತ್ತರ ಪ್ರದೇಶಗಳಲ್ಲಿ ಶೀತ ಅಲೆ ಮುಂದುವರಿಯಲಿದೆ ಎಂದು ಹವಾಮಾನ ಇಲಾಖೆ ಮುನ್ಸೂಚನೆ ನೀಡಿದೆ.

ಹಿಮಾಚಲ ಪ್ರದೇಶ ಮತ್ತು ಉತ್ತರಾಖಂಡದ ಗುಡ್ಡಗಾಡು ಪ್ರದೇಶಗಳಲ್ಲಿ ಹಿಮಪಾತವಾಗುತ್ತಿದ್ದು, ಪ್ರವಾಸಿಗರ ಸಂಖ್ಯೆ ಹೆಚ್ಚಾಗಿದೆ. ರಸ್ತೆ ಸಂಚಾರ ಕೆಲವೆಡೆ ಸ್ಥಗಿತಗೊಂಡಿದೆ.

ದಕ್ಷಿಣ ಭಾರತದಲ್ಲಿಯೂ ಚಳಿಯ ವಾತಾವರಣ ಇದ್ದು, ಕರಾವಳಿ ಹಾಗೂ ಒಳನಾಡಿನಲ್ಲಿ ತಾಪಮಾನ 14 ಡಿಗ್ರಿಗೆ ಇಳಿದಿದ್ದು, ಮುಂದಿನ ಎರಡು ದಿನ ಇದೇ ಸ್ಥಿತಿ ಮುಂದುವರಿಯಲಿದೆ.

ತಾಪಮಾನ 2ರಿಂದ 4 ಡಿಗ್ರಿ ತಲುಪುವ ಸಾಧ್ಯತೆ ಇದ್ದು, ವೃದ್ಧರು ಮತ್ತು ಮಕ್ಕಳು ಮನೆಯಿಂದ ಹೊರಬರದಂತೆ ವೈದ್ಯರು ಸಲಹೆ ನೀಡಿದ್ದಾರೆ. ನಿರಾಶ್ರಿತರಿಗೆ ರಾತ್ರಿ ತಂಗುದಾಣಗಳ ವ್ಯವಸ್ಥೆ ಮಾಡಲಾಗಿದೆ.

ಕಾಶ್ಮೀರ ಕಣಿವೆಯಲ್ಲಿ 'ಚಿಲ್ಲೈ ಕಲಾನ್' ಅವಧಿ ಮುಂದುವರಿದಿದ್ದು, ದಾಲ್ ಸರೋವರದ ಮೇಲ್ಮೈ ಹೆಪ್ಪುಗಟ್ಟಿದೆ. ಶ್ರೀನಗರದಲ್ಲಿ ಮೈನಸ್ ತಾಪಮಾನ ದಾಖಲಾಗಿದೆ.

ಬಿಜೆಪಿ ಪ್ರ.ಕಾ. ಹುಟ್ಟುಮಬ್ಬ
ವಿದ್ಯಾರ್ಥಿಗಳಿಗೆ ಕಾಪಿ ಪೆನ್ನು ವಿತರಣೆ

ಸಂಜೆವಾಣಿ ವಾರ್ತೆ

ಸಿಂಧನೂರು, ಜ.12 : ಸಿಂಧನೂರು ತಾಲೂಕಿನ ಸರ್ಕಾರಿ ಹಿರಿಯ ಪ್ರಾಥಮಿಕ ಶಾಲೆಯ ವಿದ್ಯಾರ್ಥಿಗಳಿಗೆ ಬಿಜೆಪಿ ಪ್ರಧಾನ ಕಾರ್ಯದರ್ಶಿ ಹುಟ್ಟುಮಬ್ಬ ಅವರು ಕಾಪಿ ಪುಸ್ತಕ ಹಾಗೂ ಪೆನ್ನುಗಳನ್ನು ವಿತರಿಸಿದರು.

ಬಡ ವಿದ್ಯಾರ್ಥಿಗಳ ಶೈಕ್ಷಣಿಕ ಪ್ರಗತಿಗೆ ನೆರವಾಗುವ ನಿಟ್ಟಿನಲ್ಲಿ ಈ ಕಾರ್ಯಕ್ರಮ ಹಮ್ಮಿಕೊಳ್ಳಲಾಗಿತ್ತು. ಮಕ್ಕಳು ಶಿಕ್ಷಣದ ಜೊತೆಗೆ ಉತ್ತಮ ಸಂಸ್ಕಾರ ಕಲಿಯಬೇಕು ಎಂದು ಅವರು ಕಿವಿಮಾತು ಹೇಳಿದರು.

ಈ ಸಂದರ್ಭದಲ್ಲಿ ಶಾಲಾ ಮುಖ್ಯ ಶಿಕ್ಷಕರು, ಸಿಬ್ಬಂದಿ, ಎಸ್‌ಡಿಎಂಸಿ ಅಧ್ಯಕ್ಷರು ಹಾಗೂ ಗ್ರಾಮದ ಮುಖಂಡರು ಉಪಸ್ಥಿತರಿದ್ದರು. ವಿದ್ಯಾರ್ಥಿಗಳು ಸಂತಸ ವ್ಯಕ್ತಪಡಿಸಿದರು.

ಮುಂದಿನ ದಿನಗಳಲ್ಲಿ ತಾಲೂಕಿನ ಇತರ ಶಾಲೆಗಳಲ್ಲಿಯೂ ಇದೇ ರೀತಿಯ ಕಾರ್ಯಕ್ರಮ ಹಮ್ಮಿಕೊಳ್ಳುವುದಾಗಿ ತಿಳಿಸಿದರು. ಶಿಕ್ಷಕರು ಮಕ್ಕಳ ಕಲಿಕೆಗೆ ವಿಶೇಷ ಗಮನ ನೀಡುವಂತೆ ಮನವಿ ಮಾಡಿದರು.

Edited, Printed and Published by B.T. Amuthan on behalf of M/s Karnataka News Publications (P) Ltd., Printed at No. 12-3-221 Rajendra Gunj (apmc) Near Old SBI Bank Building, Raichur-584102. RNI No. KARKAN/2008/26484 Postal Regd No. 52/2012-2014
